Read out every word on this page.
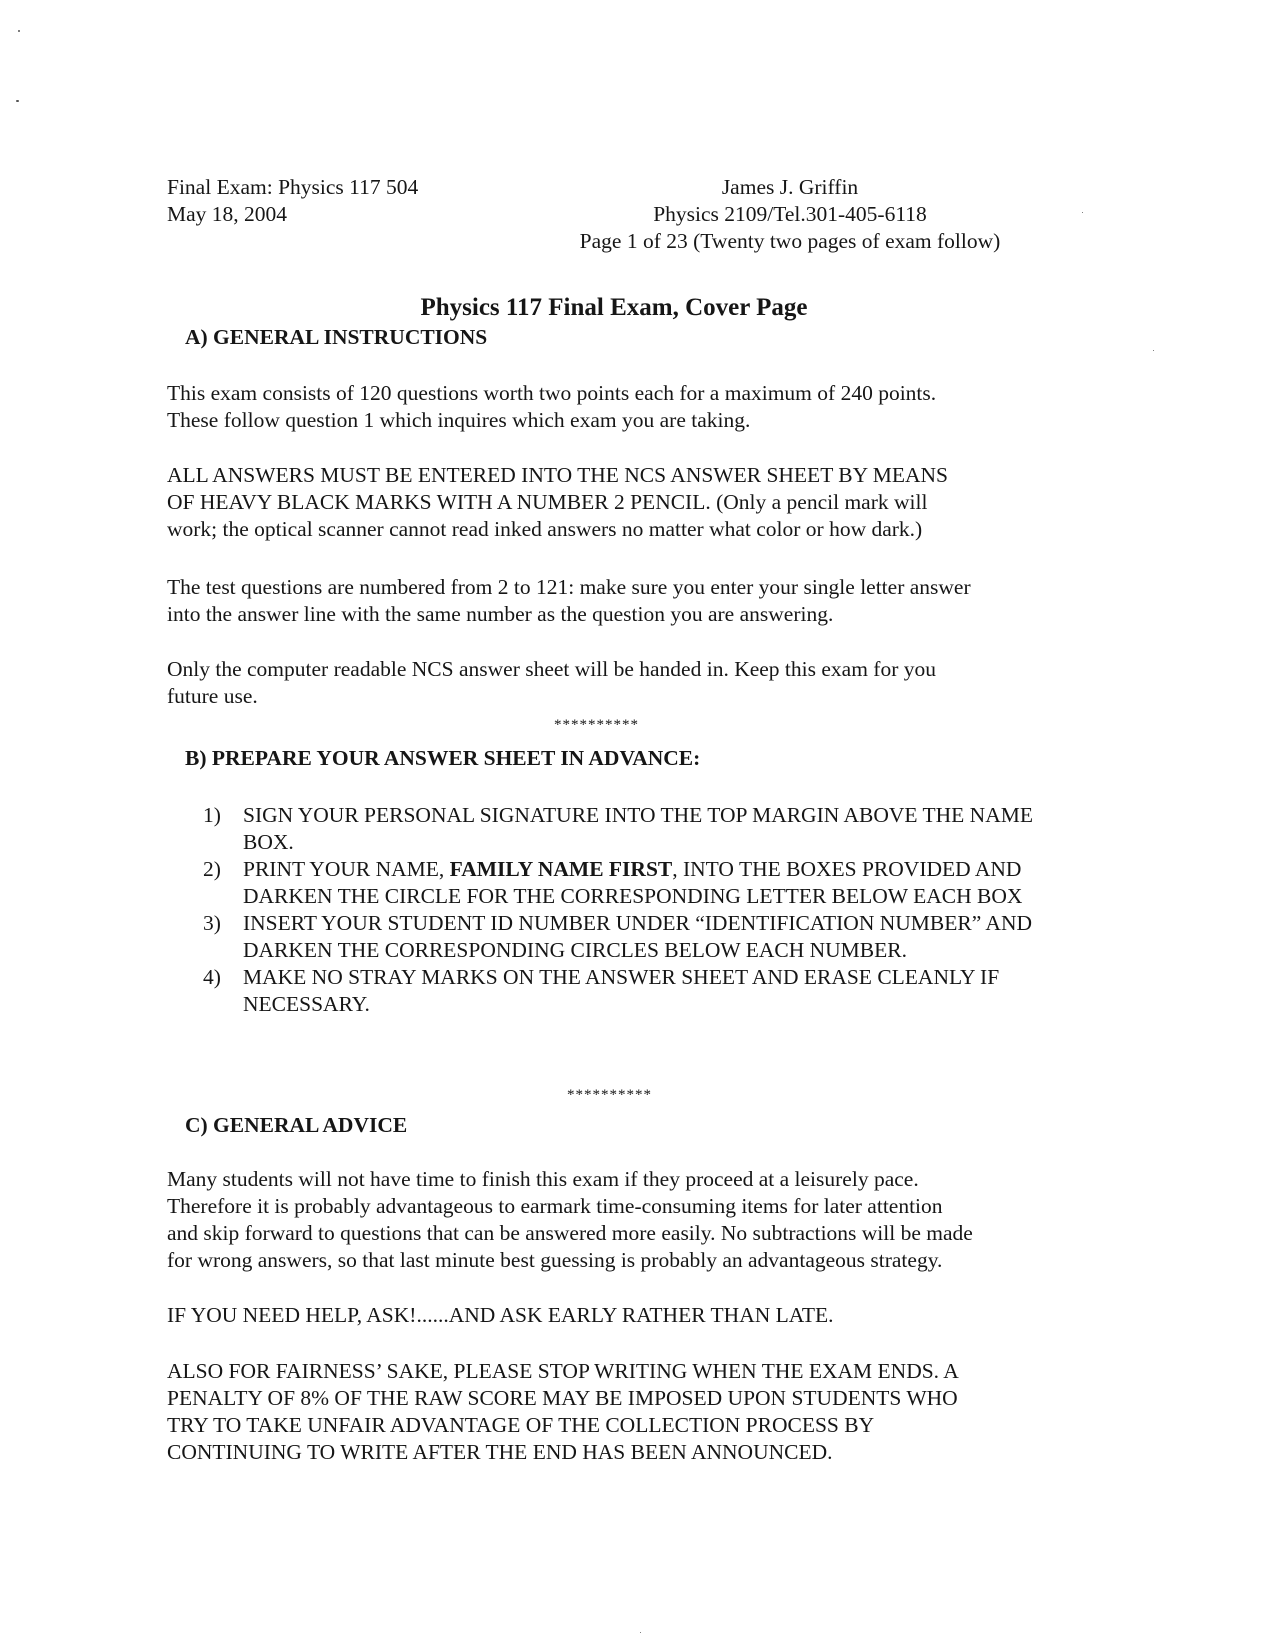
Final Exam: Physics 117 504
May 18, 2004
James J. Griffin
Physics 2109/Tel.301-405-6118
Page 1 of 23 (Twenty two pages of exam follow)
Physics 117 Final Exam, Cover Page
A) GENERAL INSTRUCTIONS

This exam consists of 120 questions worth two points each for a maximum of 240 points.
These follow question 1 which inquires which exam you are taking.

ALL ANSWERS MUST BE ENTERED INTO THE NCS ANSWER SHEET BY MEANS
OF HEAVY BLACK MARKS WITH A NUMBER 2 PENCIL. (Only a pencil mark will
work; the optical scanner cannot read inked answers no matter what color or how dark.)

The test questions are numbered from 2 to 121: make sure you enter your single letter answer
into the answer line with the same number as the question you are answering.

Only the computer readable NCS answer sheet will be handed in. Keep this exam for you
future use.

**********
B) PREPARE YOUR ANSWER SHEET IN ADVANCE:
1) SIGN YOUR PERSONAL SIGNATURE INTO THE TOP MARGIN ABOVE THE NAME BOX.
2) PRINT YOUR NAME, FAMILY NAME FIRST, INTO THE BOXES PROVIDED AND DARKEN THE CIRCLE FOR THE CORRESPONDING LETTER BELOW EACH BOX
3) INSERT YOUR STUDENT ID NUMBER UNDER “IDENTIFICATION NUMBER” AND DARKEN THE CORRESPONDING CIRCLES BELOW EACH NUMBER.
4) MAKE NO STRAY MARKS ON THE ANSWER SHEET AND ERASE CLEANLY IF NECESSARY.
**********
C) GENERAL ADVICE

Many students will not have time to finish this exam if they proceed at a leisurely pace.
Therefore it is probably advantageous to earmark time-consuming items for later attention
and skip forward to questions that can be answered more easily. No subtractions will be made
for wrong answers, so that last minute best guessing is probably an advantageous strategy.

IF YOU NEED HELP, ASK!......AND ASK EARLY RATHER THAN LATE.

ALSO FOR FAIRNESS’ SAKE, PLEASE STOP WRITING WHEN THE EXAM ENDS. A
PENALTY OF 8% OF THE RAW SCORE MAY BE IMPOSED UPON STUDENTS WHO
TRY TO TAKE UNFAIR ADVANTAGE OF THE COLLECTION PROCESS BY
CONTINUING TO WRITE AFTER THE END HAS BEEN ANNOUNCED.
